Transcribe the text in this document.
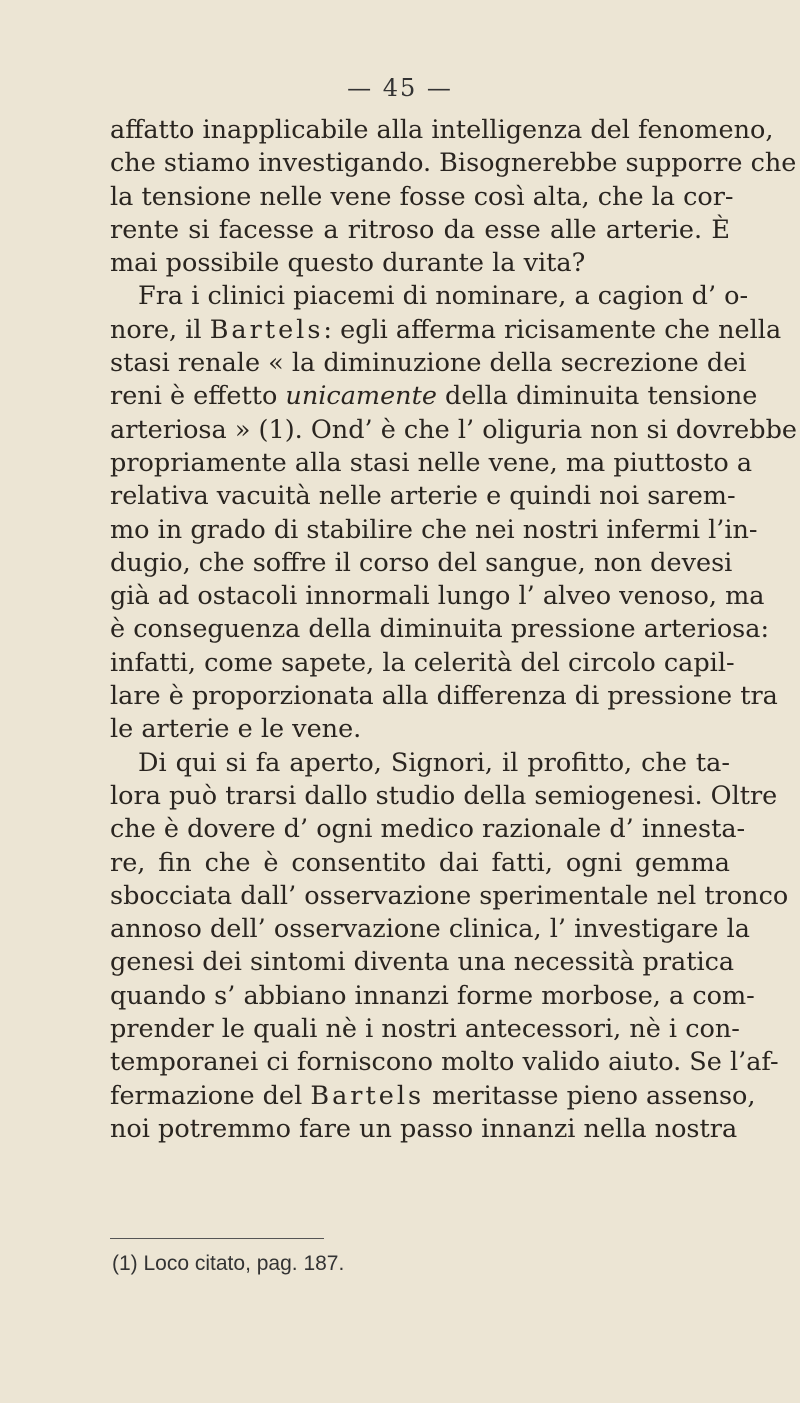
— 45 —
affatto inapplicabile alla intelligenza del fenomeno,
che stiamo investigando. Bisognerebbe supporre che
la tensione nelle vene fosse così alta, che la cor-
rente si facesse a ritroso da esse alle arterie. È
mai possibile questo durante la vita?
Fra i clinici piacemi di nominare, a cagion d’ o-
nore, il Bartels: egli afferma ricisamente che nella
stasi renale « la diminuzione della secrezione dei
reni è effetto unicamente della diminuita tensione
arteriosa » (1). Ond’ è che l’ oliguria non si dovrebbe
propriamente alla stasi nelle vene, ma piuttosto a
relativa vacuità nelle arterie e quindi noi sarem-
mo in grado di stabilire che nei nostri infermi l’in-
dugio, che soffre il corso del sangue, non devesi
già ad ostacoli innormali lungo l’ alveo venoso, ma
è conseguenza della diminuita pressione arteriosa:
infatti, come sapete, la celerità del circolo capil-
lare è proporzionata alla differenza di pressione tra
le arterie e le vene.
Di qui si fa aperto, Signori, il profitto, che ta-
lora può trarsi dallo studio della semiogenesi. Oltre
che è dovere d’ ogni medico razionale d’ innesta-
re, fin che è consentito dai fatti, ogni gemma
sbocciata dall’ osservazione sperimentale nel tronco
annoso dell’ osservazione clinica, l’ investigare la
genesi dei sintomi diventa una necessità pratica
quando s’ abbiano innanzi forme morbose, a com-
prender le quali nè i nostri antecessori, nè i con-
temporanei ci forniscono molto valido aiuto. Se l’af-
fermazione del Bartels meritasse pieno assenso,
noi potremmo fare un passo innanzi nella nostra
(1) Loco citato, pag. 187.
